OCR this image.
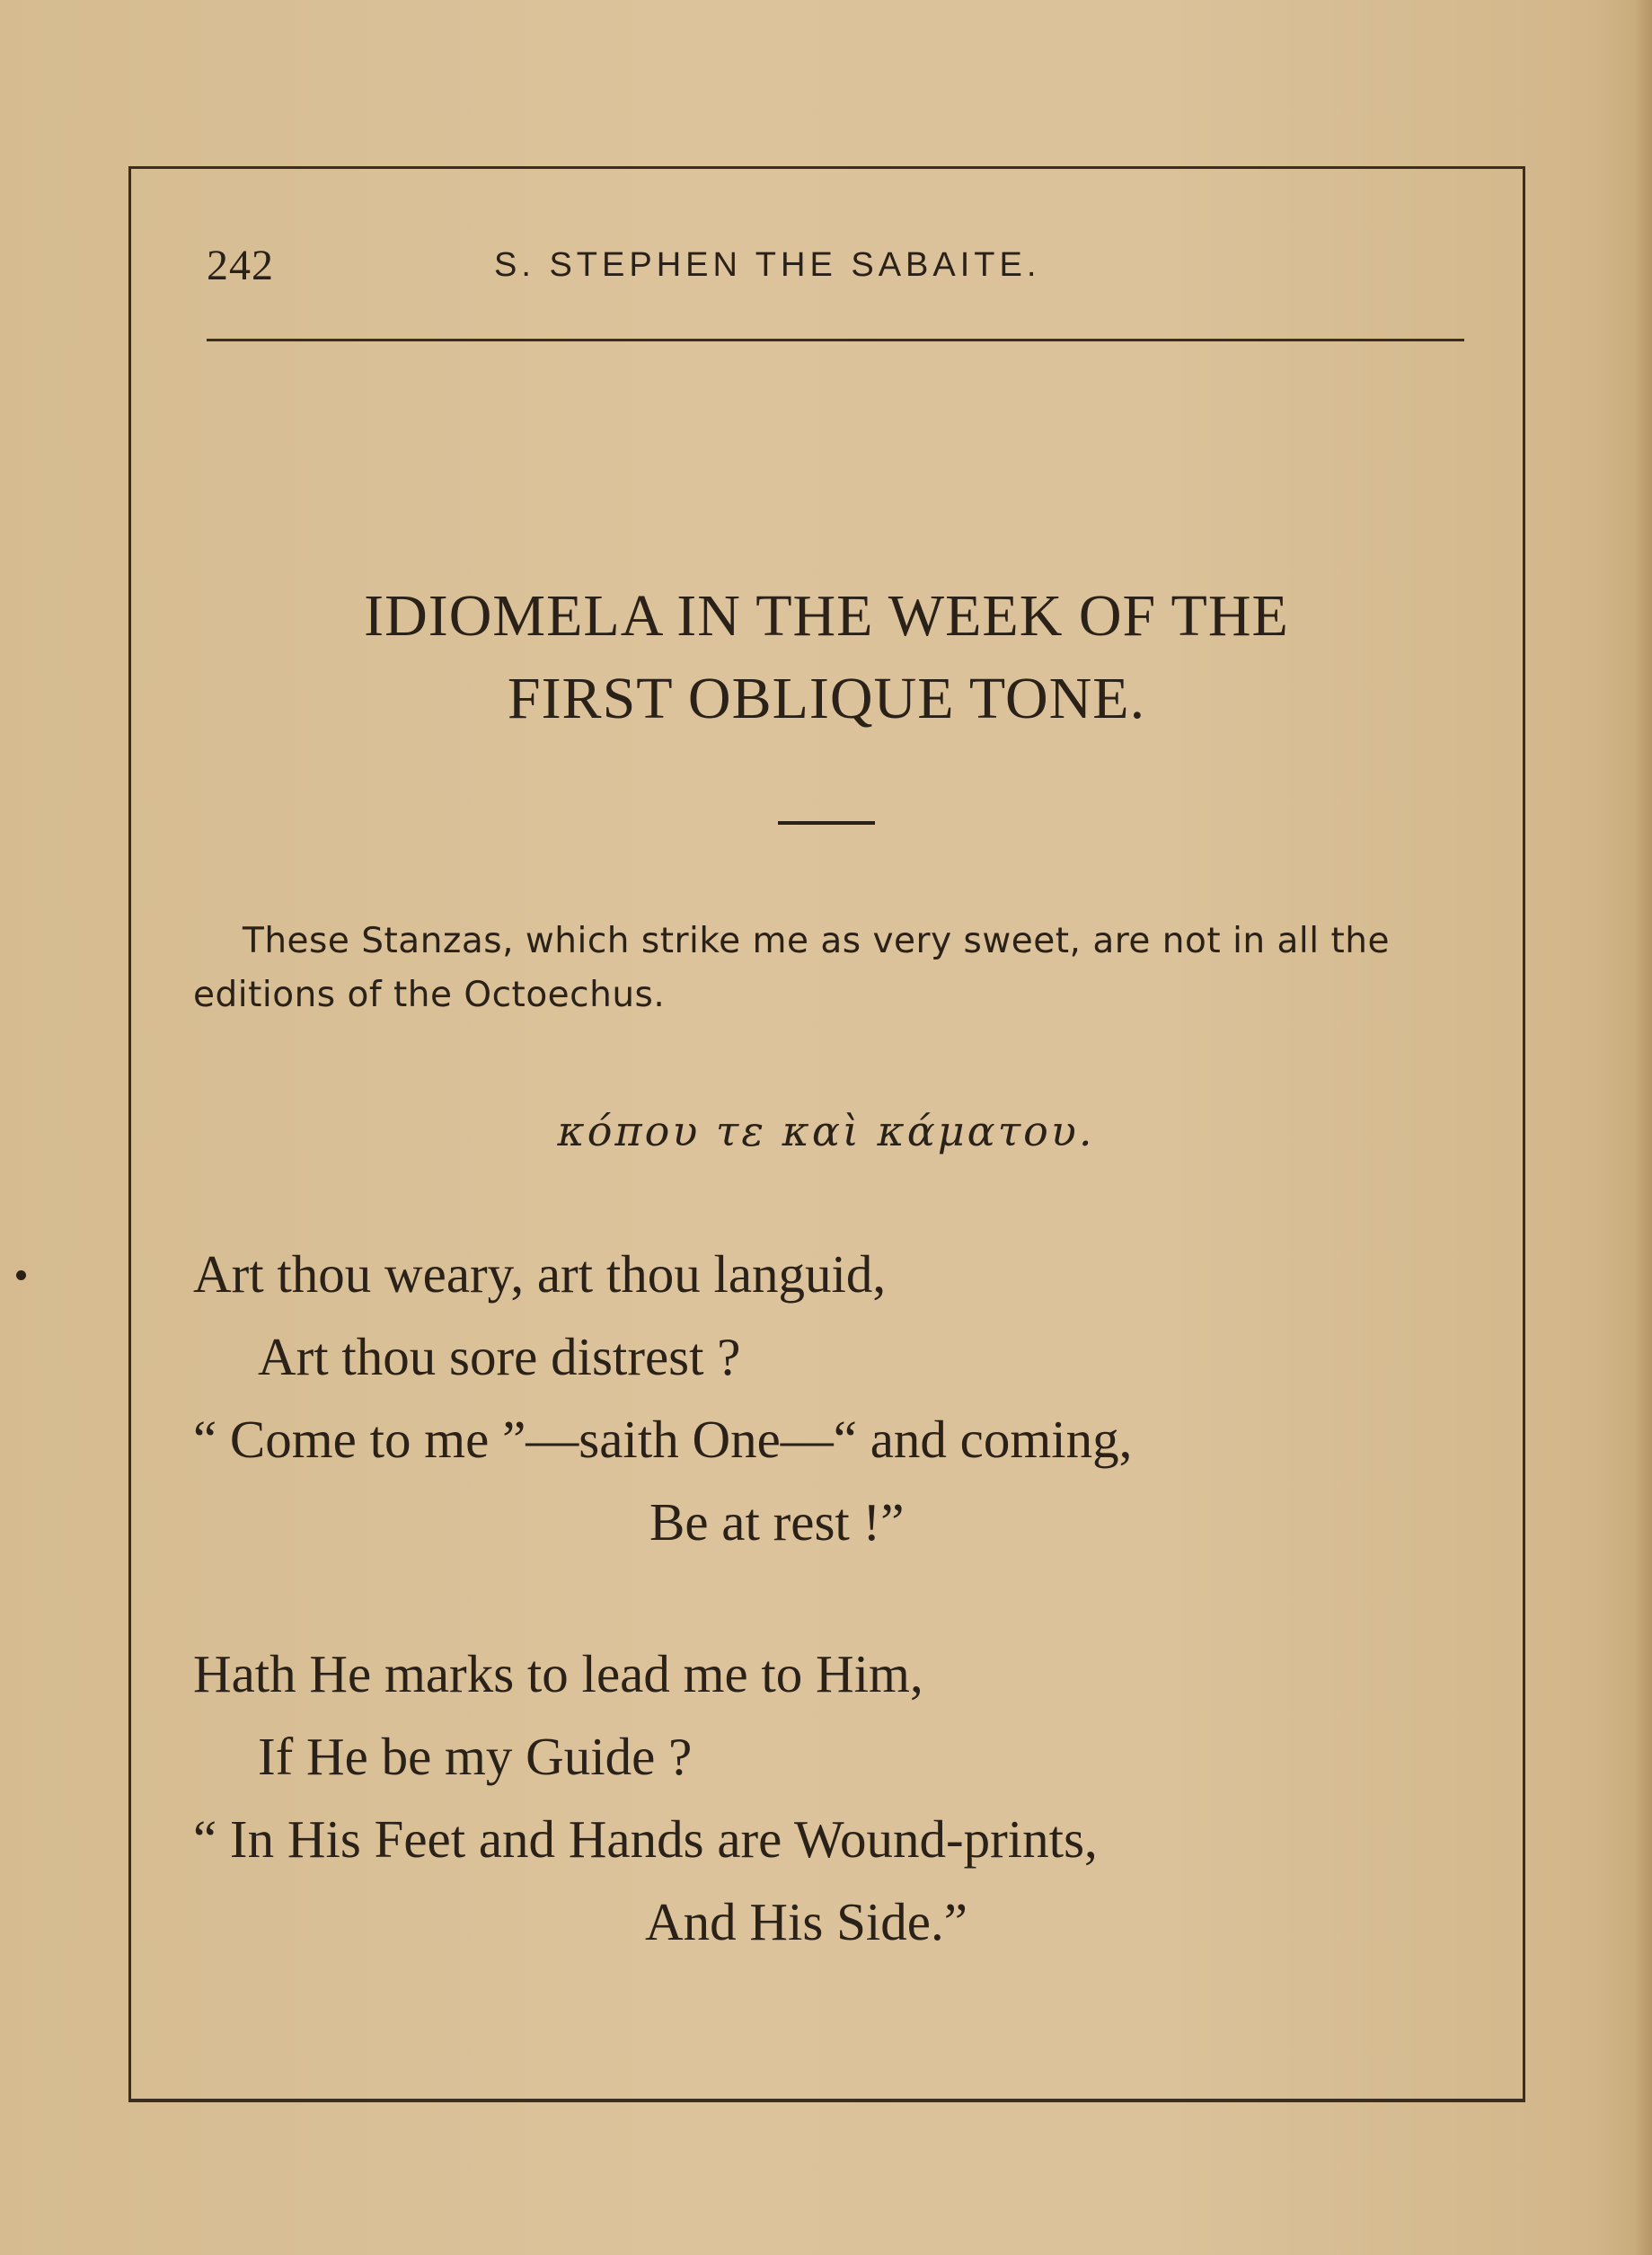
242	S. STEPHEN THE SABAITE.
IDIOMELA IN THE WEEK OF THE
FIRST OBLIQUE TONE.
These Stanzas, which strike me as very sweet, are not in all the editions of the Octoechus.
κόπου τε καὶ κάματου.
Art thou weary, art thou languid,
Art thou sore distrest ?
“ Come to me ”—saith One—“ and coming,
Be at rest !”
Hath He marks to lead me to Him,
If He be my Guide ?
“ In His Feet and Hands are Wound-prints,
And His Side.”
